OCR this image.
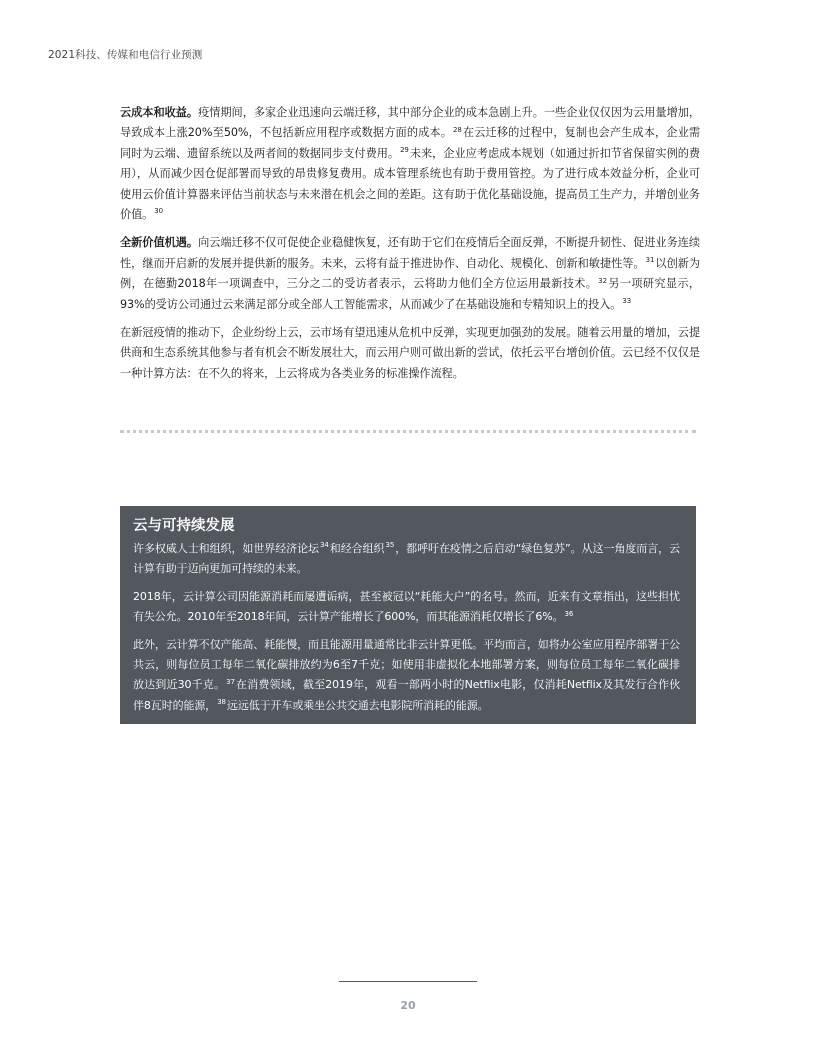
2021科技、传媒和电信行业预测

云成本和收益。疫情期间，多家企业迅速向云端迁移，其中部分企业的成本急剧上升。一些企业仅仅因为云用量增加，导致成本上涨20%至50%，不包括新应用程序或数据方面的成本。$^{28}$在云迁移的过程中，复制也会产生成本，企业需同时为云端、遗留系统以及两者间的数据同步支付费用。$^{29}$未来，企业应考虑成本规划（如通过折扣节省保留实例的费用），从而减少因仓促部署而导致的昂贵修复费用。成本管理系统也有助于费用管控。为了进行成本效益分析，企业可使用云价值计算器来评估当前状态与未来潜在机会之间的差距。这有助于优化基础设施，提高员工生产力，并增创业务价值。$^{30}$

全新价值机遇。向云端迁移不仅可促使企业稳健恢复，还有助于它们在疫情后全面反弹，不断提升韧性、促进业务连续性，继而开启新的发展并提供新的服务。未来，云将有益于推进协作、自动化、规模化、创新和敏捷性等。$^{31}$以创新为例，在德勤2018年一项调查中，三分之二的受访者表示，云将助力他们全方位运用最新技术。$^{32}$另一项研究显示，93%的受访公司通过云来满足部分或全部人工智能需求，从而减少了在基础设施和专精知识上的投入。$^{33}$

在新冠疫情的推动下，企业纷纷上云，云市场有望迅速从危机中反弹，实现更加强劲的发展。随着云用量的增加，云提供商和生态系统其他参与者有机会不断发展壮大，而云用户则可做出新的尝试，依托云平台增创价值。云已经不仅仅是一种计算方法：在不久的将来，上云将成为各类业务的标准操作流程。

云与可持续发展

许多权威人士和组织，如世界经济论坛$^{34}$和经合组织$^{35}$，都呼吁在疫情之后启动“绿色复苏”。从这一角度而言，云计算有助于迈向更加可持续的未来。

2018年，云计算公司因能源消耗而屡遭诟病，甚至被冠以“耗能大户”的名号。然而，近来有文章指出，这些担忧有失公允。2010年至2018年间，云计算产能增长了600%，而其能源消耗仅增长了6%。$^{36}$

此外，云计算不仅产能高、耗能慢，而且能源用量通常比非云计算更低。平均而言，如将办公室应用程序部署于公共云，则每位员工每年二氧化碳排放约为6至7千克；如使用非虚拟化本地部署方案，则每位员工每年二氧化碳排放达到近30千克。$^{37}$在消费领域，截至2019年，观看一部两小时的Netflix电影，仅消耗Netflix及其发行合作伙伴8瓦时的能源，$^{38}$远远低于开车或乘坐公共交通去电影院所消耗的能源。

20
